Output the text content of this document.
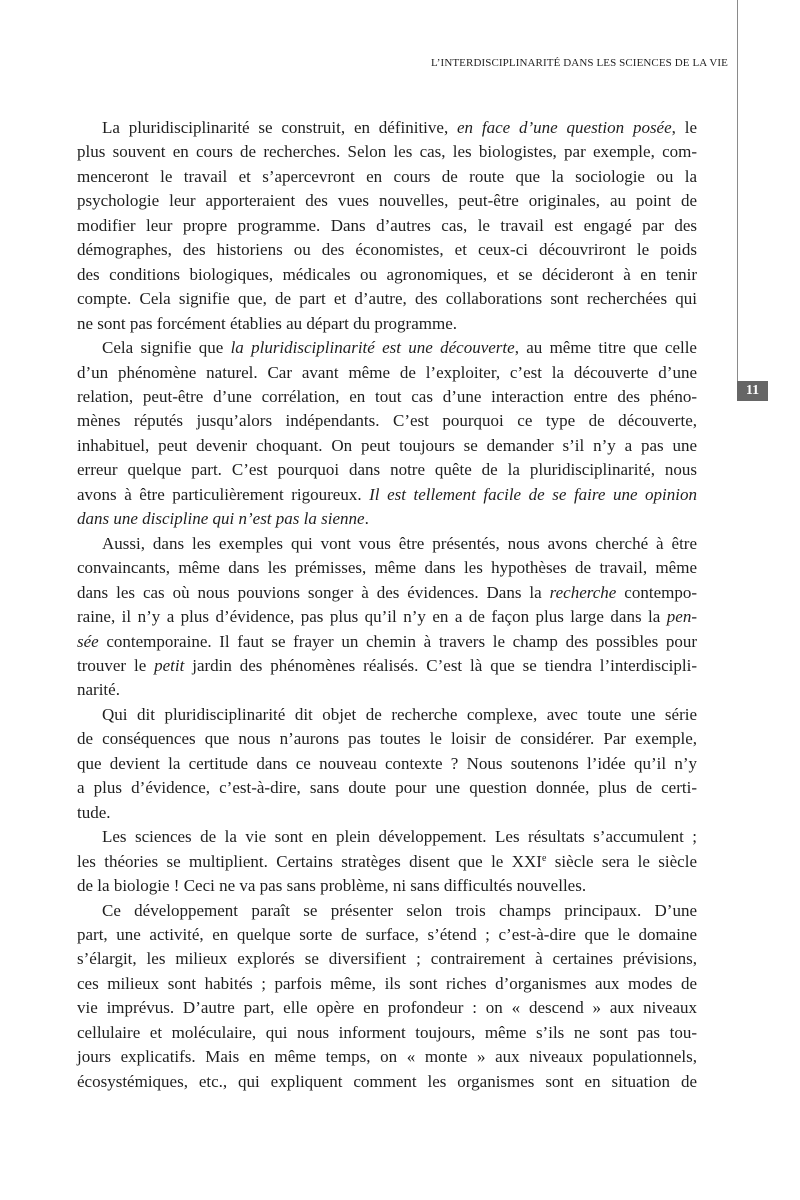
L’INTERDISCIPLINARITÉ DANS LES SCIENCES DE LA VIE
11
La pluridisciplinarité se construit, en définitive, en face d’une question posée, le
plus souvent en cours de recherches. Selon les cas, les biologistes, par exemple, com-
menceront le travail et s’apercevront en cours de route que la sociologie ou la
psychologie leur apporteraient des vues nouvelles, peut-être originales, au point de
modifier leur propre programme. Dans d’autres cas, le travail est engagé par des
démographes, des historiens ou des économistes, et ceux-ci découvriront le poids
des conditions biologiques, médicales ou agronomiques, et se décideront à en tenir
compte. Cela signifie que, de part et d’autre, des collaborations sont recherchées qui
ne sont pas forcément établies au départ du programme.
Cela signifie que la pluridisciplinarité est une découverte, au même titre que celle
d’un phénomène naturel. Car avant même de l’exploiter, c’est la découverte d’une
relation, peut-être d’une corrélation, en tout cas d’une interaction entre des phéno-
mènes réputés jusqu’alors indépendants. C’est pourquoi ce type de découverte,
inhabituel, peut devenir choquant. On peut toujours se demander s’il n’y a pas une
erreur quelque part. C’est pourquoi dans notre quête de la pluridisciplinarité, nous
avons à être particulièrement rigoureux. Il est tellement facile de se faire une opinion
dans une discipline qui n’est pas la sienne.
Aussi, dans les exemples qui vont vous être présentés, nous avons cherché à être
convaincants, même dans les prémisses, même dans les hypothèses de travail, même
dans les cas où nous pouvions songer à des évidences. Dans la recherche contempo-
raine, il n’y a plus d’évidence, pas plus qu’il n’y en a de façon plus large dans la pen-
sée contemporaine. Il faut se frayer un chemin à travers le champ des possibles pour
trouver le petit jardin des phénomènes réalisés. C’est là que se tiendra l’interdiscipli-
narité.
Qui dit pluridisciplinarité dit objet de recherche complexe, avec toute une série
de conséquences que nous n’aurons pas toutes le loisir de considérer. Par exemple,
que devient la certitude dans ce nouveau contexte ? Nous soutenons l’idée qu’il n’y
a plus d’évidence, c’est-à-dire, sans doute pour une question donnée, plus de certi-
tude.
Les sciences de la vie sont en plein développement. Les résultats s’accumulent ;
les théories se multiplient. Certains stratèges disent que le XXIe siècle sera le siècle
de la biologie ! Ceci ne va pas sans problème, ni sans difficultés nouvelles.
Ce développement paraît se présenter selon trois champs principaux. D’une
part, une activité, en quelque sorte de surface, s’étend ; c’est-à-dire que le domaine
s’élargit, les milieux explorés se diversifient ; contrairement à certaines prévisions,
ces milieux sont habités ; parfois même, ils sont riches d’organismes aux modes de
vie imprévus. D’autre part, elle opère en profondeur : on « descend » aux niveaux
cellulaire et moléculaire, qui nous informent toujours, même s’ils ne sont pas tou-
jours explicatifs. Mais en même temps, on « monte » aux niveaux populationnels,
écosystémiques, etc., qui expliquent comment les organismes sont en situation de
